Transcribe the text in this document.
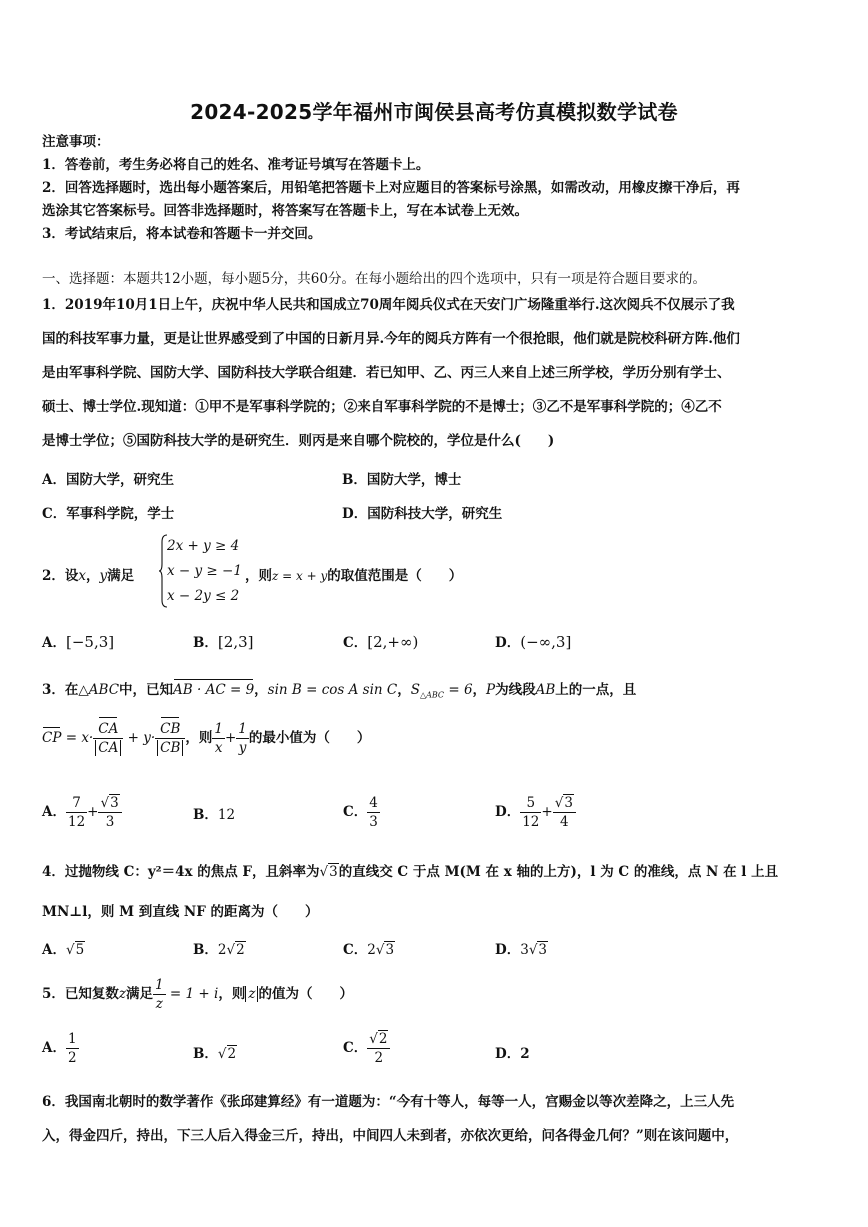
2024-2025学年福州市闽侯县高考仿真模拟数学试卷
注意事项：
1．答卷前，考生务必将自己的姓名、准考证号填写在答题卡上。
2．回答选择题时，选出每小题答案后，用铅笔把答题卡上对应题目的答案标号涂黑，如需改动，用橡皮擦干净后，再
选涂其它答案标号。回答非选择题时，将答案写在答题卡上，写在本试卷上无效。
3．考试结束后，将本试卷和答题卡一并交回。
一、选择题：本题共12小题，每小题5分，共60分。在每小题给出的四个选项中，只有一项是符合题目要求的。
1．2019年10月1日上午，庆祝中华人民共和国成立70周年阅兵仪式在天安门广场隆重举行.这次阅兵不仅展示了我
国的科技军事力量，更是让世界感受到了中国的日新月异.今年的阅兵方阵有一个很抢眼，他们就是院校科研方阵.他们
是由军事科学院、国防大学、国防科技大学联合组建．若已知甲、乙、丙三人来自上述三所学校，学历分别有学士、
硕士、博士学位.现知道：①甲不是军事科学院的；②来自军事科学院的不是博士；③乙不是军事科学院的；④乙不
是博士学位；⑤国防科技大学的是研究生．则丙是来自哪个院校的，学位是什么(　　)
A．国防大学，研究生	B．国防大学，博士
C．军事科学院，学士	D．国防科技大学，研究生
2．设x，y满足
2x + y ≥ 4
x − y ≥ −1
x − 2y ≤ 2
，则z = x + y的取值范围是（　　）
A．[−5,3]	B．[2,3]	C．[2,+∞)	D．(−∞,3]
3．在△ABC中，已知AB · AC = 9，sin B = cos A sin C，$S_{\triangle ABC} = 6$，P为线段AB上的一点，且
CP = $x\cdot \frac{CA}{CA} + y\cdot \frac{CB}{CB}$ ，则 $\frac{1}{x} + \frac{1}{y}$ 的最小值为（　　）
A． $\frac{7}{12} + \frac{√3}{3}$	B．12	C． $\frac{4}{3}$	D． $\frac{5}{12} + \frac{√3}{4}$
4．过抛物线 C：y²＝4x 的焦点 F，且斜率为√3的直线交 C 于点 M(M 在 x 轴的上方)，l 为 C 的准线，点 N 在 l 上且
MN⊥l，则 M 到直线 NF 的距离为（　　）
A．√5	B．2√2	C．2√3	D．3√3
5．已知复数z满足 $\frac{1}{z} = 1 + i$，则 z 的值为（　　）
A． $\frac{1}{2}$	B．√2	C． $\frac{√2}{2}$	D．2
6．我国南北朝时的数学著作《张邱建算经》有一道题为：“今有十等人，每等一人，宫赐金以等次差降之，上三人先
入，得金四斤，持出，下三人后入得金三斤，持出，中间四人未到者，亦依次更给，问各得金几何？”则在该问题中，
